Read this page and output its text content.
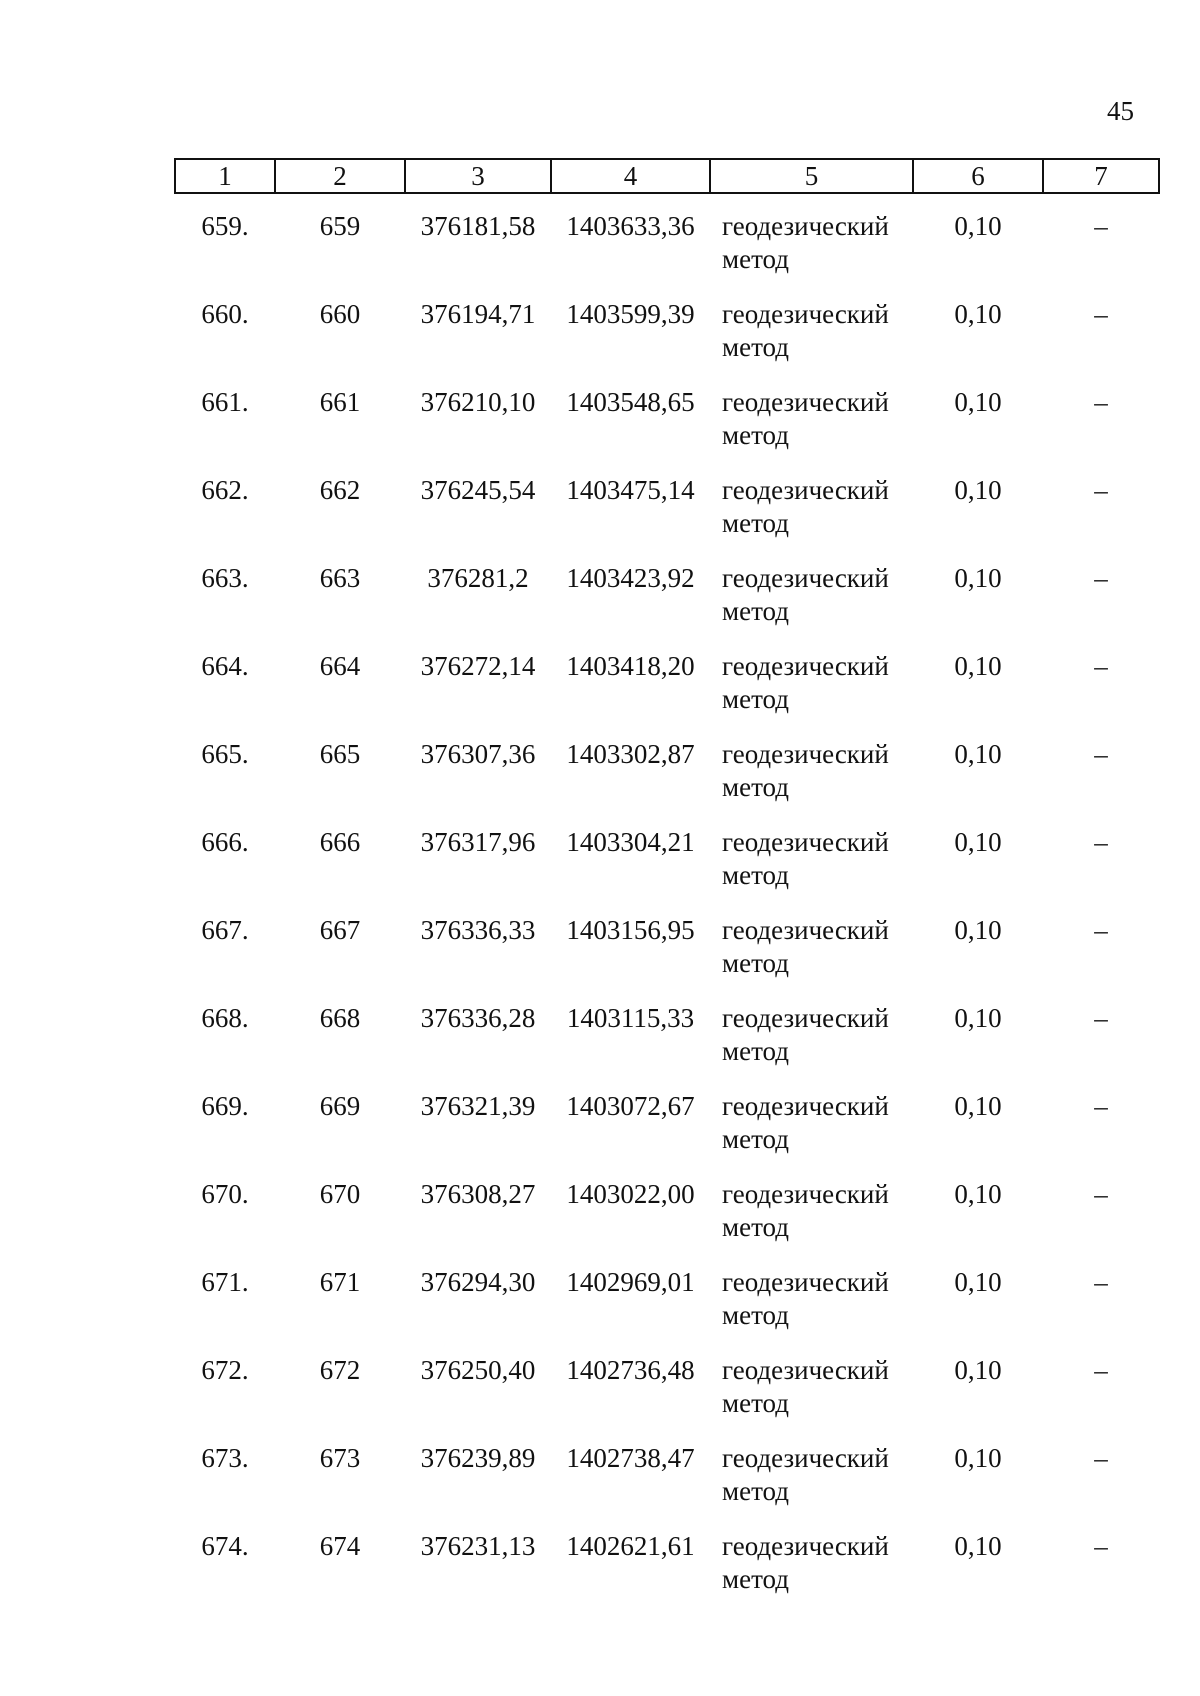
45
1	2	3	4	5	6	7
659.	659	376181,58	1403633,36	геодезический метод	0,10	–
660.	660	376194,71	1403599,39	геодезический метод	0,10	–
661.	661	376210,10	1403548,65	геодезический метод	0,10	–
662.	662	376245,54	1403475,14	геодезический метод	0,10	–
663.	663	376281,2	1403423,92	геодезический метод	0,10	–
664.	664	376272,14	1403418,20	геодезический метод	0,10	–
665.	665	376307,36	1403302,87	геодезический метод	0,10	–
666.	666	376317,96	1403304,21	геодезический метод	0,10	–
667.	667	376336,33	1403156,95	геодезический метод	0,10	–
668.	668	376336,28	1403115,33	геодезический метод	0,10	–
669.	669	376321,39	1403072,67	геодезический метод	0,10	–
670.	670	376308,27	1403022,00	геодезический метод	0,10	–
671.	671	376294,30	1402969,01	геодезический метод	0,10	–
672.	672	376250,40	1402736,48	геодезический метод	0,10	–
673.	673	376239,89	1402738,47	геодезический метод	0,10	–
674.	674	376231,13	1402621,61	геодезический метод	0,10	–
